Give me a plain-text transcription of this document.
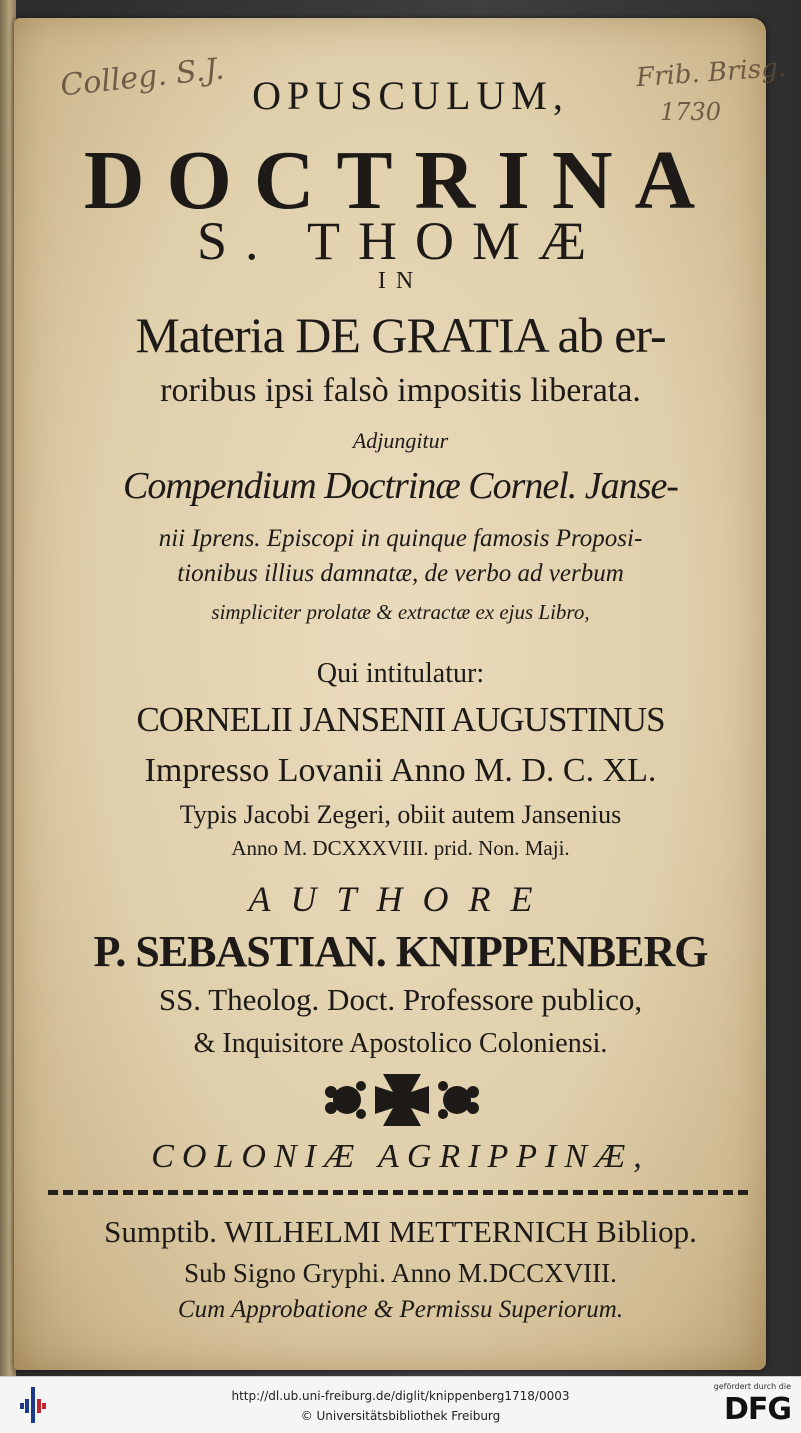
Colleg. S.J.	Frib. Brisg.
1730
OPUSCULUM,
DOCTRINA
S. THOMÆ
IN
Materia DE GRATIA ab er-
roribus ipsi falsò impositis liberata.
Adjungitur
Compendium Doctrinæ Cornel. Janse-
nii Iprens. Episcopi in quinque famosis Proposi-
tionibus illius damnatæ, de verbo ad verbum
simpliciter prolatæ & extractæ ex ejus Libro,
Qui intitulatur:
CORNELII JANSENII AUGUSTINUS
Impresso Lovanii Anno M. D. C. XL.
Typis Jacobi Zegeri, obiit autem Jansenius
Anno M. DCXXXVIII. prid. Non. Maji.
AUTHORE
P. SEBASTIAN. KNIPPENBERG
SS. Theolog. Doct. Professore publico,
& Inquisitore Apostolico Coloniensi.
COLONIÆ AGRIPPINÆ,
Sumptib. WILHELMI METTERNICH Bibliop.
Sub Signo Gryphi. Anno M.DCCXVIII.
Cum Approbatione & Permissu Superiorum.
http://dl.ub.uni-freiburg.de/diglit/knippenberg1718/0003
© Universitätsbibliothek Freiburg
gefördert durch die
DFG
